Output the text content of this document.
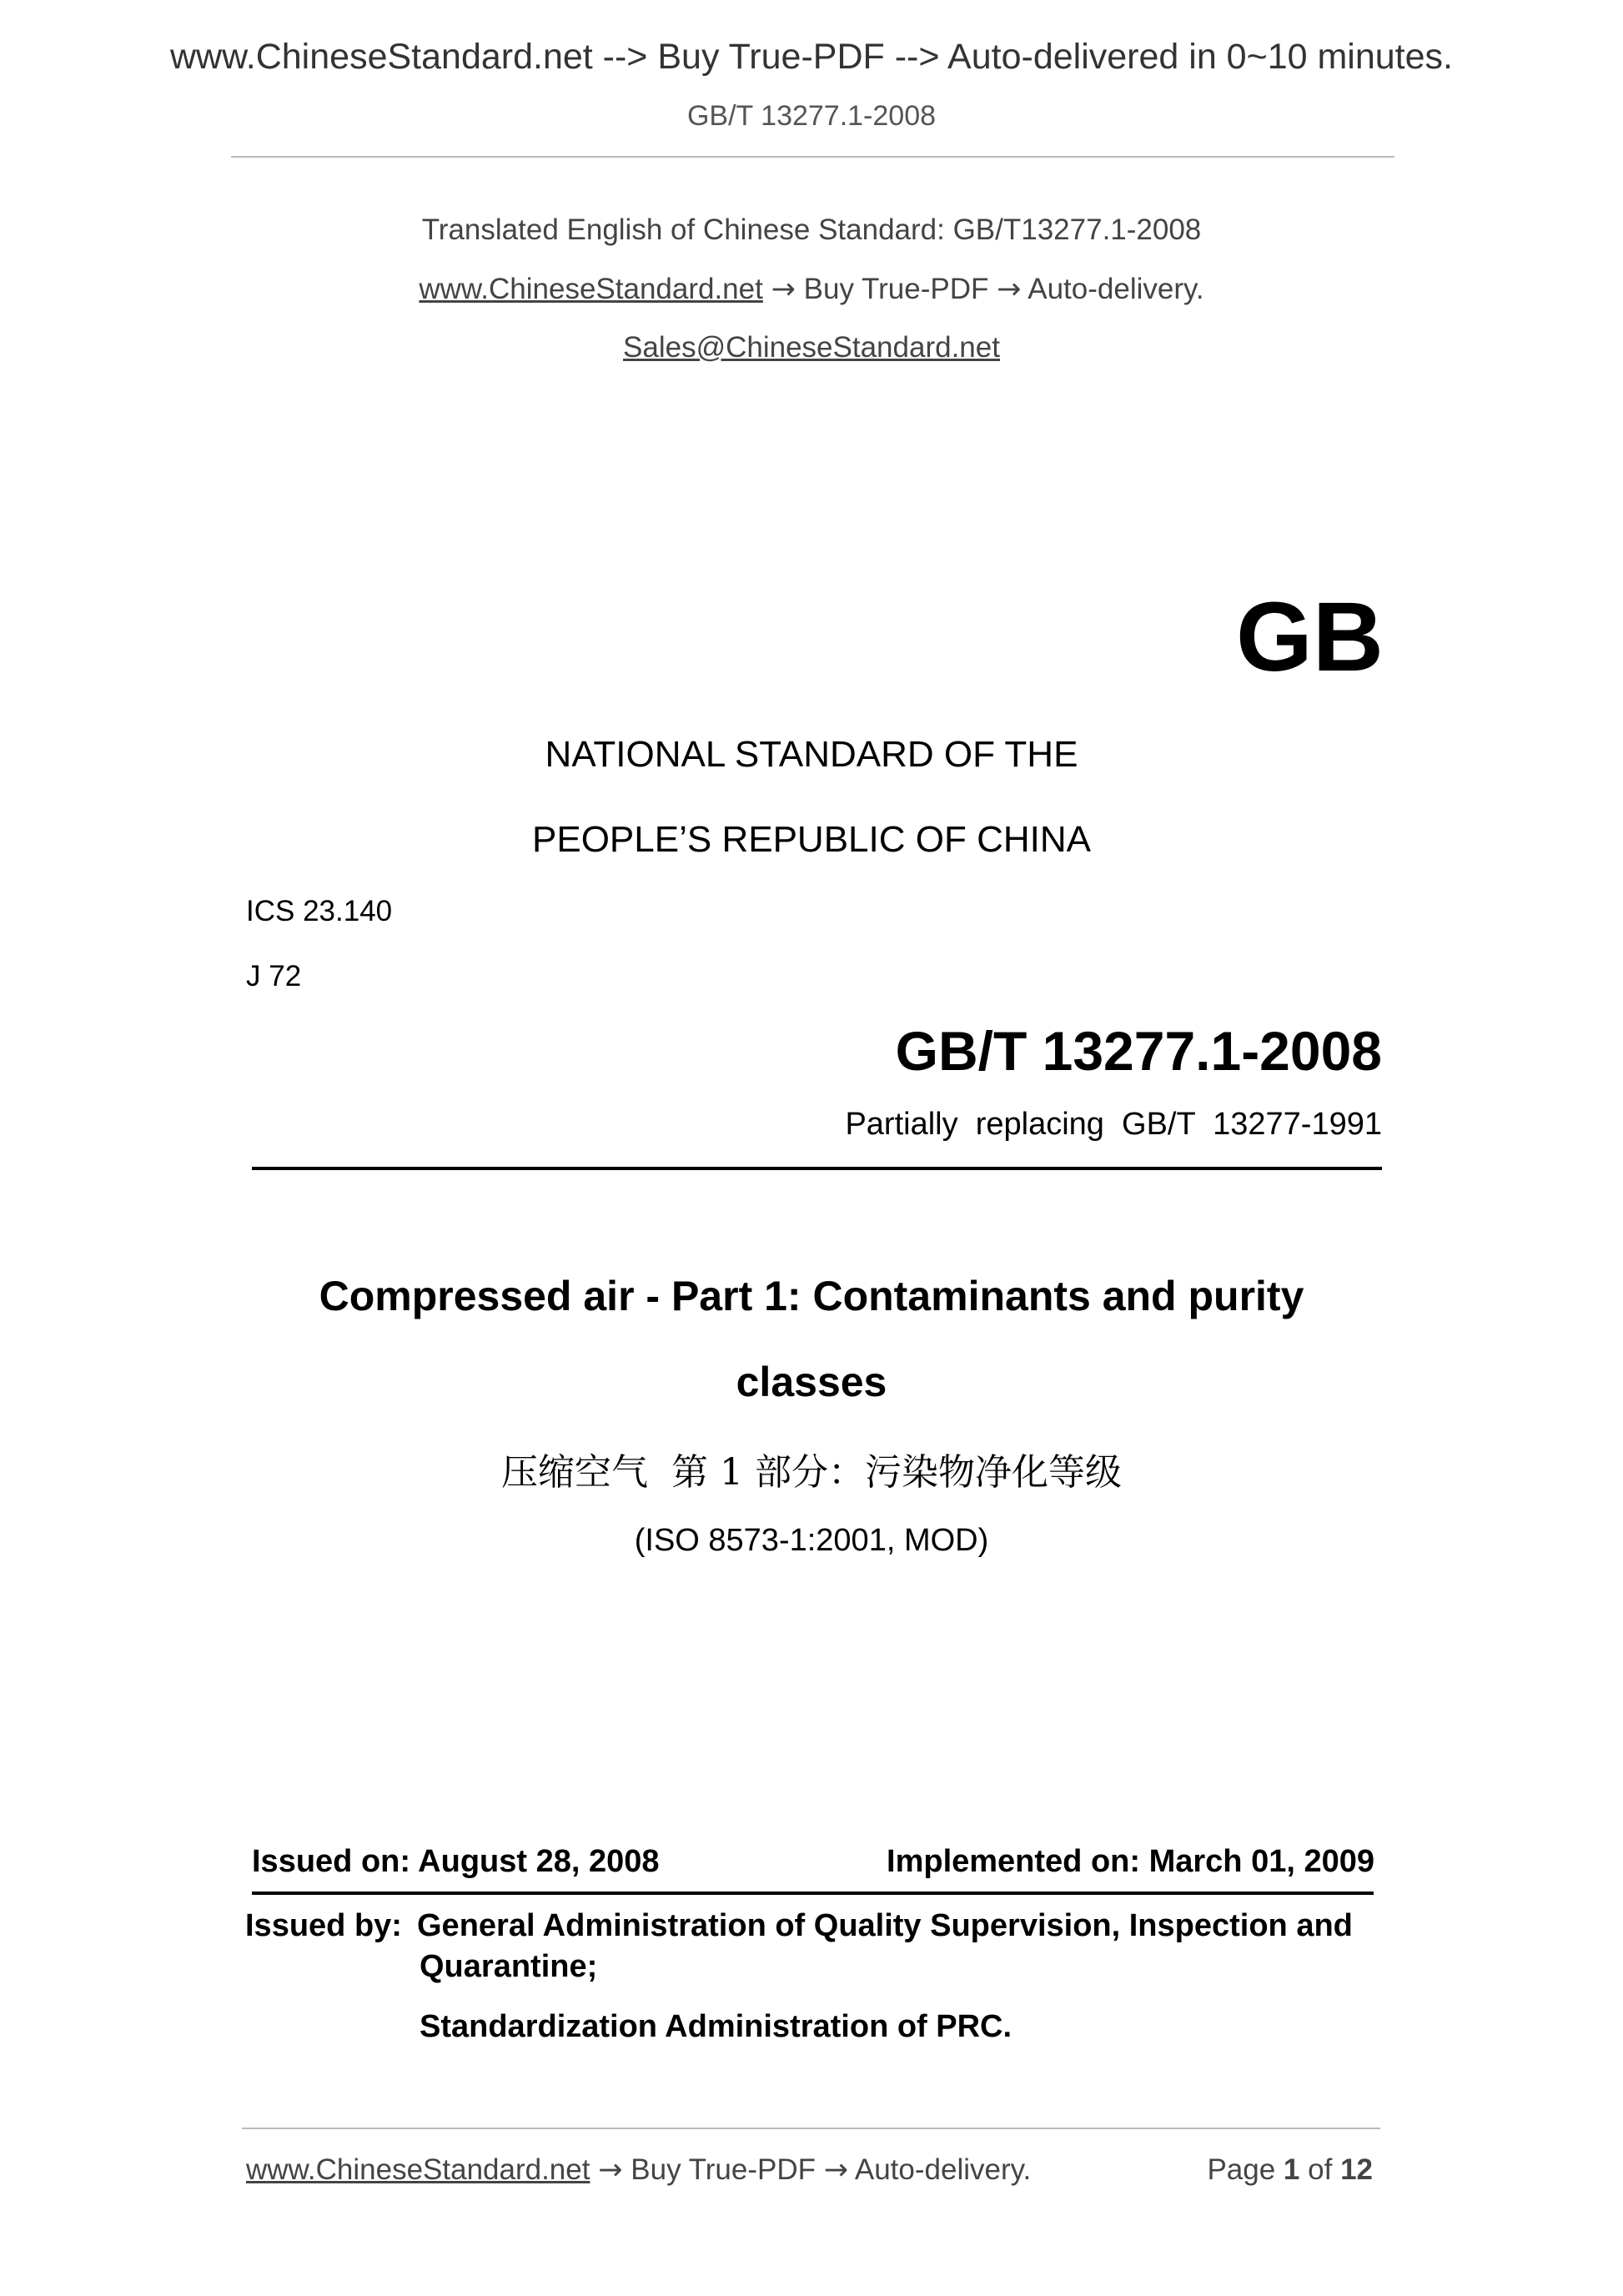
www.ChineseStandard.net --> Buy True-PDF --> Auto-delivered in 0~10 minutes.
GB/T 13277.1-2008
Translated English of Chinese Standard: GB/T13277.1-2008
www.ChineseStandard.net → Buy True-PDF → Auto-delivery.
Sales@ChineseStandard.net
GB
NATIONAL STANDARD OF THE
PEOPLE’S REPUBLIC OF CHINA
ICS 23.140
J 72
GB/T 13277.1-2008
Partially  replacing  GB/T  13277-1991
Compressed air - Part 1: Contaminants and purity
classes
压缩空气  第 1 部分：污染物净化等级
(ISO 8573-1:2001, MOD)
Issued on: August 28, 2008	Implemented on: March 01, 2009
Issued by: General Administration of Quality Supervision, Inspection and
Quarantine;
Standardization Administration of PRC.
www.ChineseStandard.net → Buy True-PDF → Auto-delivery.	Page 1 of 12
